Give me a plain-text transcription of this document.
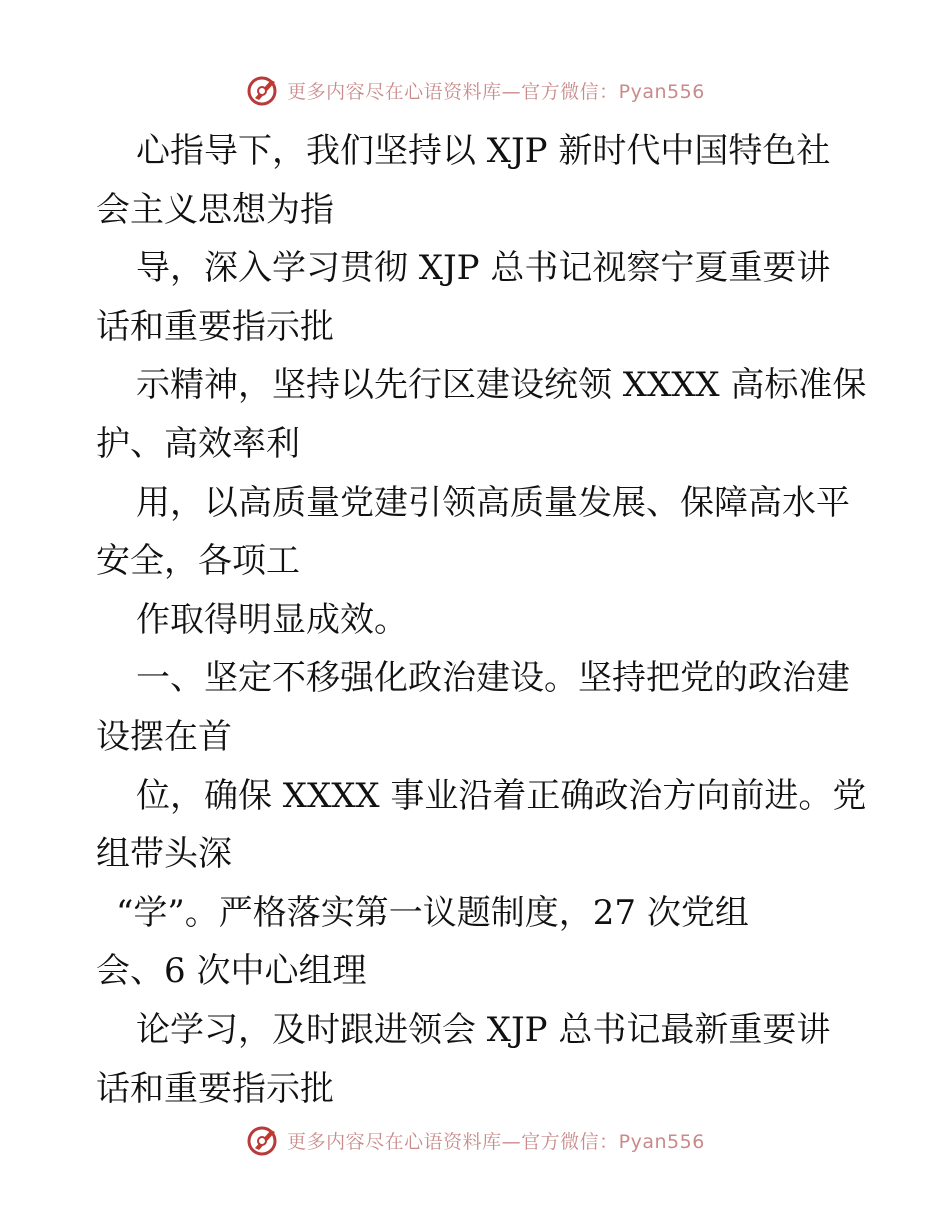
更多内容尽在心语资料库—官方微信：Pyan556
心指导下，我们坚持以 XJP 新时代中国特色社
会主义思想为指
导，深入学习贯彻 XJP 总书记视察宁夏重要讲
话和重要指示批
示精神，坚持以先行区建设统领 XXXX 高标准保
护、高效率利
用，以高质量党建引领高质量发展、保障高水平
安全，各项工
作取得明显成效。
一、坚定不移强化政治建设。坚持把党的政治建
设摆在首
位，确保 XXXX 事业沿着正确政治方向前进。党
组带头深
“学”。严格落实第一议题制度，27 次党组
会、6 次中心组理
论学习，及时跟进领会 XJP 总书记最新重要讲
话和重要指示批
更多内容尽在心语资料库—官方微信：Pyan556
